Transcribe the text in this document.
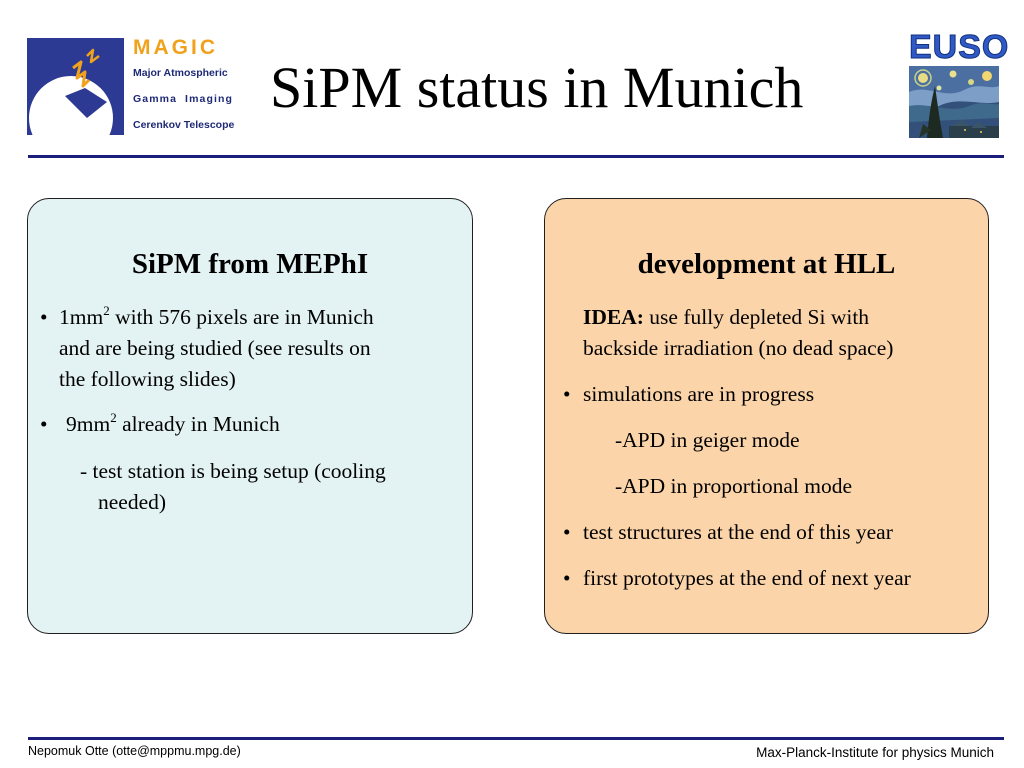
MAGIC
Major Atmospheric
Gamma  Imaging
Cerenkov Telescope
SiPM status in Munich
EUSO
SiPM from MEPhI
• $1mm^2$ with 576 pixels are in Munich
and are being studied (see results on
the following slides)
• $9mm^2$ already in Munich
- test station is being setup (cooling
needed)
development at HLL
IDEA: use fully depleted Si with
backside irradiation (no dead space)
• simulations are in progress
-APD in geiger mode
-APD in proportional mode
• test structures at the end of this year
• first prototypes at the end of next year
Nepomuk Otte (otte@mppmu.mpg.de)	Max-Planck-Institute for physics Munich
